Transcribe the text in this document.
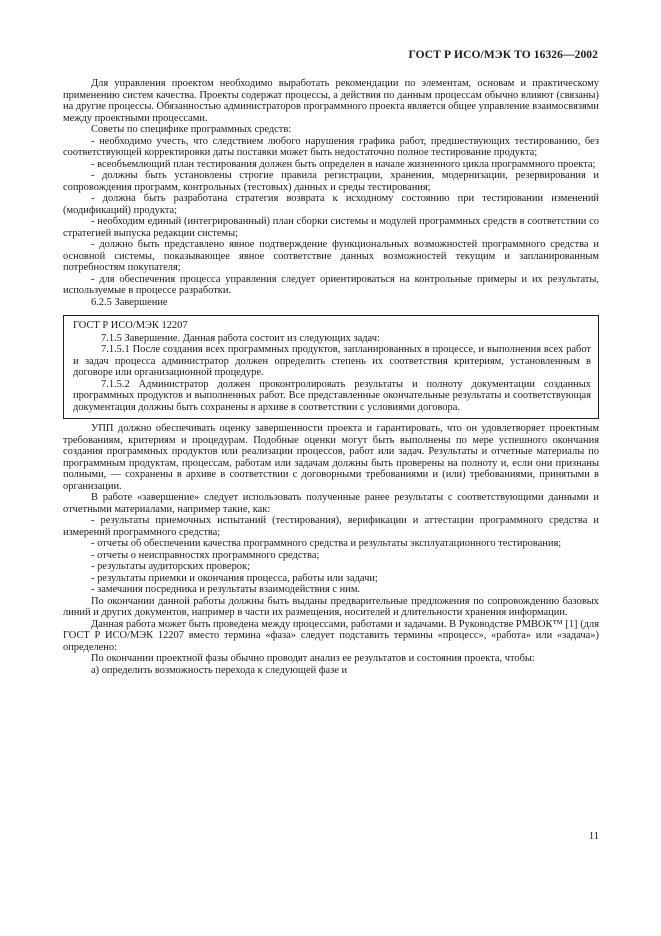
ГОСТ Р ИСО/МЭК ТО 16326—2002

Для управления проектом необходимо выработать рекомендации по элементам, основам и практическому применению систем качества. Проекты содержат процессы, а действия по данным процессам обычно влияют (связаны) на другие процессы. Обязанностью администраторов программного проекта является общее управление взаимосвязями между проектными процессами.

Советы по специфике программных средств:

- необходимо учесть, что следствием любого нарушения графика работ, предшествующих тестированию, без соответствующей корректировки даты поставки может быть недостаточно полное тестирование продукта;

- всеобъемлющий план тестирования должен быть определен в начале жизненного цикла программного проекта;

- должны быть установлены строгие правила регистрации, хранения, модернизации, резервирования и сопровождения программ, контрольных (тестовых) данных и среды тестирования;

- должна быть разработана стратегия возврата к исходному состоянию при тестировании изменений (модификаций) продукта;

- необходим единый (интегрированный) план сборки системы и модулей программных средств в соответствии со стратегией выпуска редакции системы;

- должно быть представлено явное подтверждение функциональных возможностей программного средства и основной системы, показывающее явное соответствие данных возможностей текущим и запланированным потребностям покупателя;

- для обеспечения процесса управления следует ориентироваться на контрольные примеры и их результаты, используемые в процессе разработки.

6.2.5 Завершение

ГОСТ Р ИСО/МЭК 12207

7.1.5 Завершение. Данная работа состоит из следующих задач:

7.1.5.1 После создания всех программных продуктов, запланированных в процессе, и выполнения всех работ и задач процесса администратор должен определить степень их соответствия критериям, установленным в договоре или организационной процедуре.

7.1.5.2 Администратор должен проконтролировать результаты и полноту документации созданных программных продуктов и выполненных работ. Все представленные окончательные результаты и соответствующая документация должны быть сохранены в архиве в соответствии с условиями договора.

УПП должно обеспечивать оценку завершенности проекта и гарантировать, что он удовлетворяет проектным требованиям, критериям и процедурам. Подобные оценки могут быть выполнены по мере успешного окончания создания программных продуктов или реализации процессов, работ или задач. Результаты и отчетные материалы по программным продуктам, процессам, работам или задачам должны быть проверены на полноту и, если они признаны полными, — сохранены в архиве в соответствии с договорными требованиями и (или) требованиями, принятыми в организации.

В работе «завершение» следует использовать полученные ранее результаты с соответствующими данными и отчетными материалами, например такие, как:

- результаты приемочных испытаний (тестирования), верификации и аттестации программного средства и измерений программного средства;

- отчеты об обеспечении качества программного средства и результаты эксплуатационного тестирования;

- отчеты о неисправностях программного средства;

- результаты аудиторских проверок;

- результаты приемки и окончания процесса, работы или задачи;

- замечания посредника и результаты взаимодействия с ним.

По окончании данной работы должны быть выданы предварительные предложения по сопровождению базовых линий и других документов, например в части их размещения, носителей и длительности хранения информации.

Данная работа может быть проведена между процессами, работами и задачами. В Руководстве РМВОК™ [1] (для ГОСТ Р ИСО/МЭК 12207 вместо термина «фаза» следует подставить термины «процесс», «работа» или «задача») определено:

По окончании проектной фазы обычно проводят анализ ее результатов и состояния проекта, чтобы:

а) определить возможность перехода к следующей фазе и

11
